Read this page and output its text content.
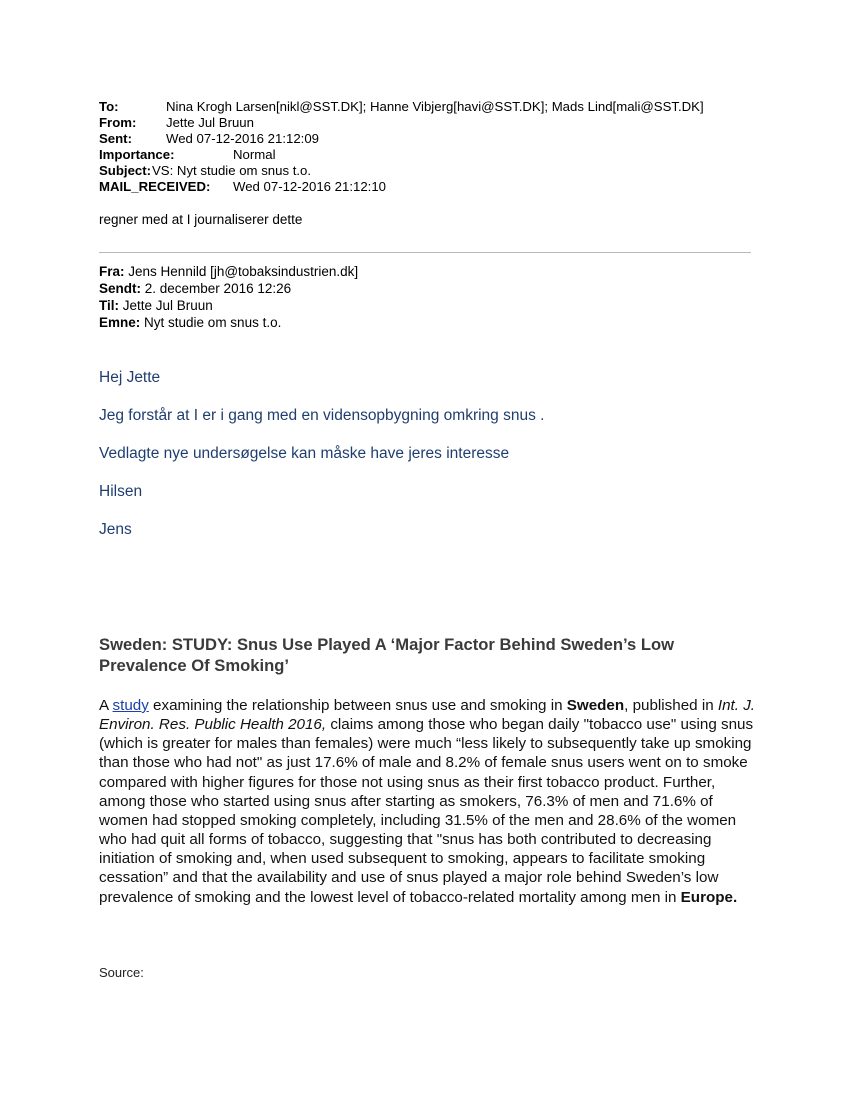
To:	Nina Krogh Larsen[nikl@SST.DK]; Hanne Vibjerg[havi@SST.DK]; Mads Lind[mali@SST.DK]
From: Jette Jul Bruun
Sent:	Wed 07-12-2016 21:12:09
Importance:	Normal
Subject:VS: Nyt studie om snus t.o.
MAIL_RECEIVED: Wed 07-12-2016 21:12:10
regner med at I journaliserer dette
Fra: Jens Hennild [jh@tobaksindustrien.dk]
Sendt: 2. december 2016 12:26
Til: Jette Jul Bruun
Emne: Nyt studie om snus t.o.
Hej Jette
Jeg forstår at I er i gang med en vidensopbygning omkring snus .
Vedlagte nye undersøgelse kan måske have jeres interesse
Hilsen
Jens
Sweden: STUDY: Snus Use Played A ‘Major Factor Behind Sweden’s Low Prevalence Of Smoking’
A study examining the relationship between snus use and smoking in Sweden, published in Int. J. Environ. Res. Public Health 2016, claims among those who began daily "tobacco use" using snus (which is greater for males than females) were much “less likely to subsequently take up smoking than those who had not" as just 17.6% of male and 8.2% of female snus users went on to smoke compared with higher figures for those not using snus as their first tobacco product. Further, among those who started using snus after starting as smokers, 76.3% of men and 71.6% of women had stopped smoking completely, including 31.5% of the men and 28.6% of the women who had quit all forms of tobacco, suggesting that "snus has both contributed to decreasing initiation of smoking and, when used subsequent to smoking, appears to facilitate smoking cessation” and that the availability and use of snus played a major role behind Sweden’s low prevalence of smoking and the lowest level of tobacco-related mortality among men in Europe.
Source:
